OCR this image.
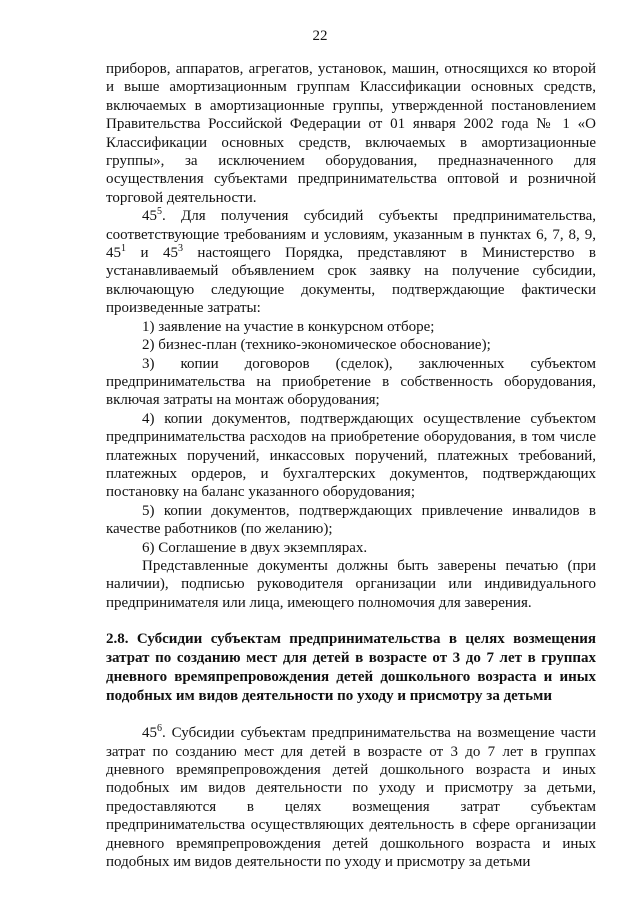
22

приборов, аппаратов, агрегатов, установок, машин, относящихся ко второй и выше амортизационным группам Классификации основных средств, включаемых в амортизационные группы, утвержденной постановлением Правительства Российской Федерации от 01 января 2002 года № 1 «О Классификации основных средств, включаемых в амортизационные группы», за исключением оборудования, предназначенного для осуществления субъектами предпринимательства оптовой и розничной торговой деятельности.

$45^5$. Для получения субсидий субъекты предпринимательства, соответствующие требованиям и условиям, указанным в пунктах 6, 7, 8, 9, $45^1$ и $45^3$ настоящего Порядка, представляют в Министерство в устанавливаемый объявлением срок заявку на получение субсидии, включающую следующие документы, подтверждающие фактически произведенные затраты:

1) заявление на участие в конкурсном отборе;

2) бизнес-план (технико-экономическое обоснование);

3) копии договоров (сделок), заключенных субъектом предпринимательства на приобретение в собственность оборудования, включая затраты на монтаж оборудования;

4) копии документов, подтверждающих осуществление субъектом предпринимательства расходов на приобретение оборудования, в том числе платежных поручений, инкассовых поручений, платежных требований, платежных ордеров, и бухгалтерских документов, подтверждающих постановку на баланс указанного оборудования;

5) копии документов, подтверждающих привлечение инвалидов в качестве работников (по желанию);

6) Соглашение в двух экземплярах.

Представленные документы должны быть заверены печатью (при наличии), подписью руководителя организации или индивидуального предпринимателя или лица, имеющего полномочия для заверения.

2.8. Субсидии субъектам предпринимательства в целях возмещения затрат по созданию мест для детей в возрасте от 3 до 7 лет в группах дневного времяпрепровождения детей дошкольного возраста и иных подобных им видов деятельности по уходу и присмотру за детьми

$45^6$. Субсидии субъектам предпринимательства на возмещение части затрат по созданию мест для детей в возрасте от 3 до 7 лет в группах дневного времяпрепровождения детей дошкольного возраста и иных подобных им видов деятельности по уходу и присмотру за детьми, предоставляются в целях возмещения затрат субъектам предпринимательства осуществляющих деятельность в сфере организации дневного времяпрепровождения детей дошкольного возраста и иных подобных им видов деятельности по уходу и присмотру за детьми
